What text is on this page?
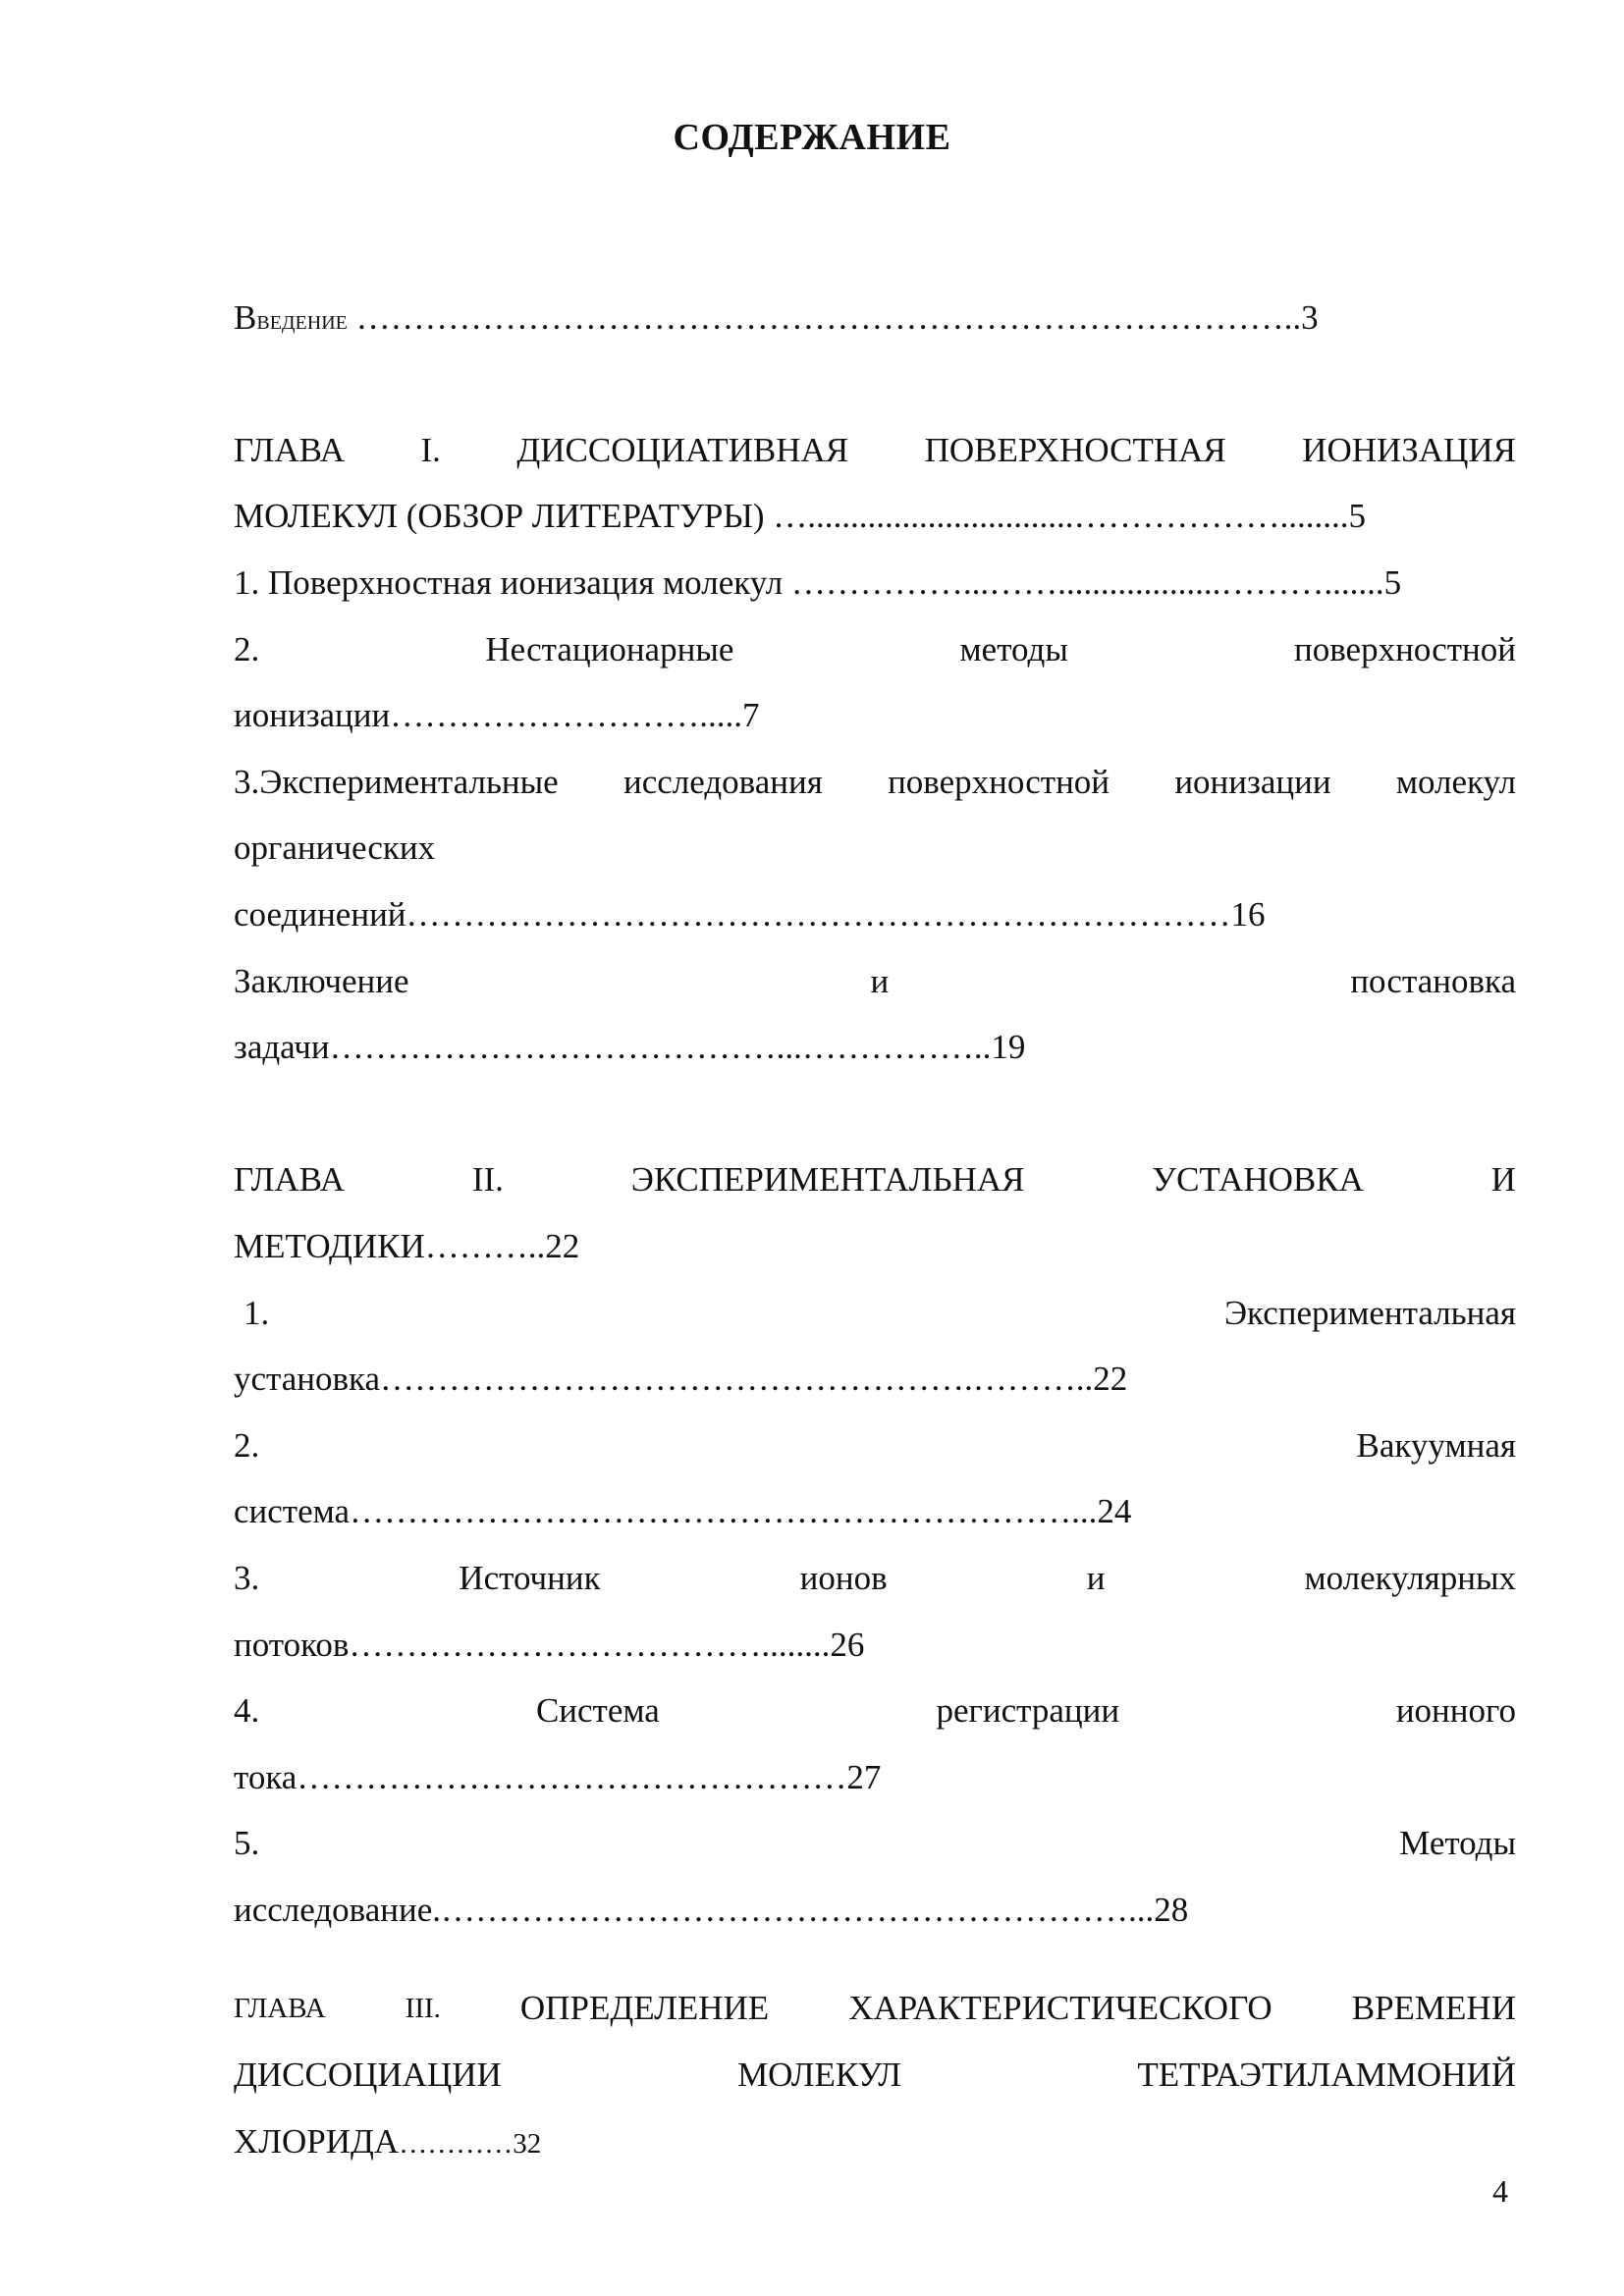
СОДЕРЖАНИЕ
Введение ………………………………………………………………………..3
ГЛАВА I. ДИССОЦИАТИВНАЯ ПОВЕРХНОСТНАЯ ИОНИЗАЦИЯ
МОЛЕКУЛ (ОБЗОР ЛИТЕРАТУРЫ) …...............................………………........5
1. Поверхностная ионизация молекул ……………...……...................……….......5
2.	Нестационарные	методы	поверхностной
ионизации……………………….....7
3.Экспериментальные исследования поверхностной ионизации молекул
органических
соединений………………………………………………………………16
Заключение	и	постановка
задачи…………………………………...……………..19
ГЛАВА	II.	ЭКСПЕРИМЕНТАЛЬНАЯ	УСТАНОВКА	И
МЕТОДИКИ………..22
1.	Экспериментальная
установка…………………………………………….………..22
2.	Вакуумная
система………………………………………………………...24
3.	Источник	ионов	и	молекулярных
потоков………………………………........26
4.	Система	регистрации	ионного
тока…………………………………………27
5.	Методы
исследование.……………………………………………………...28
ГЛАВА	III. ОПРЕДЕЛЕНИЕ ХАРАКТЕРИСТИЧЕСКОГО ВРЕМЕНИ
ДИССОЦИАЦИИ	МОЛЕКУЛ	ТЕТРАЭТИЛАММОНИЙ
ХЛОРИДА…………32
4
